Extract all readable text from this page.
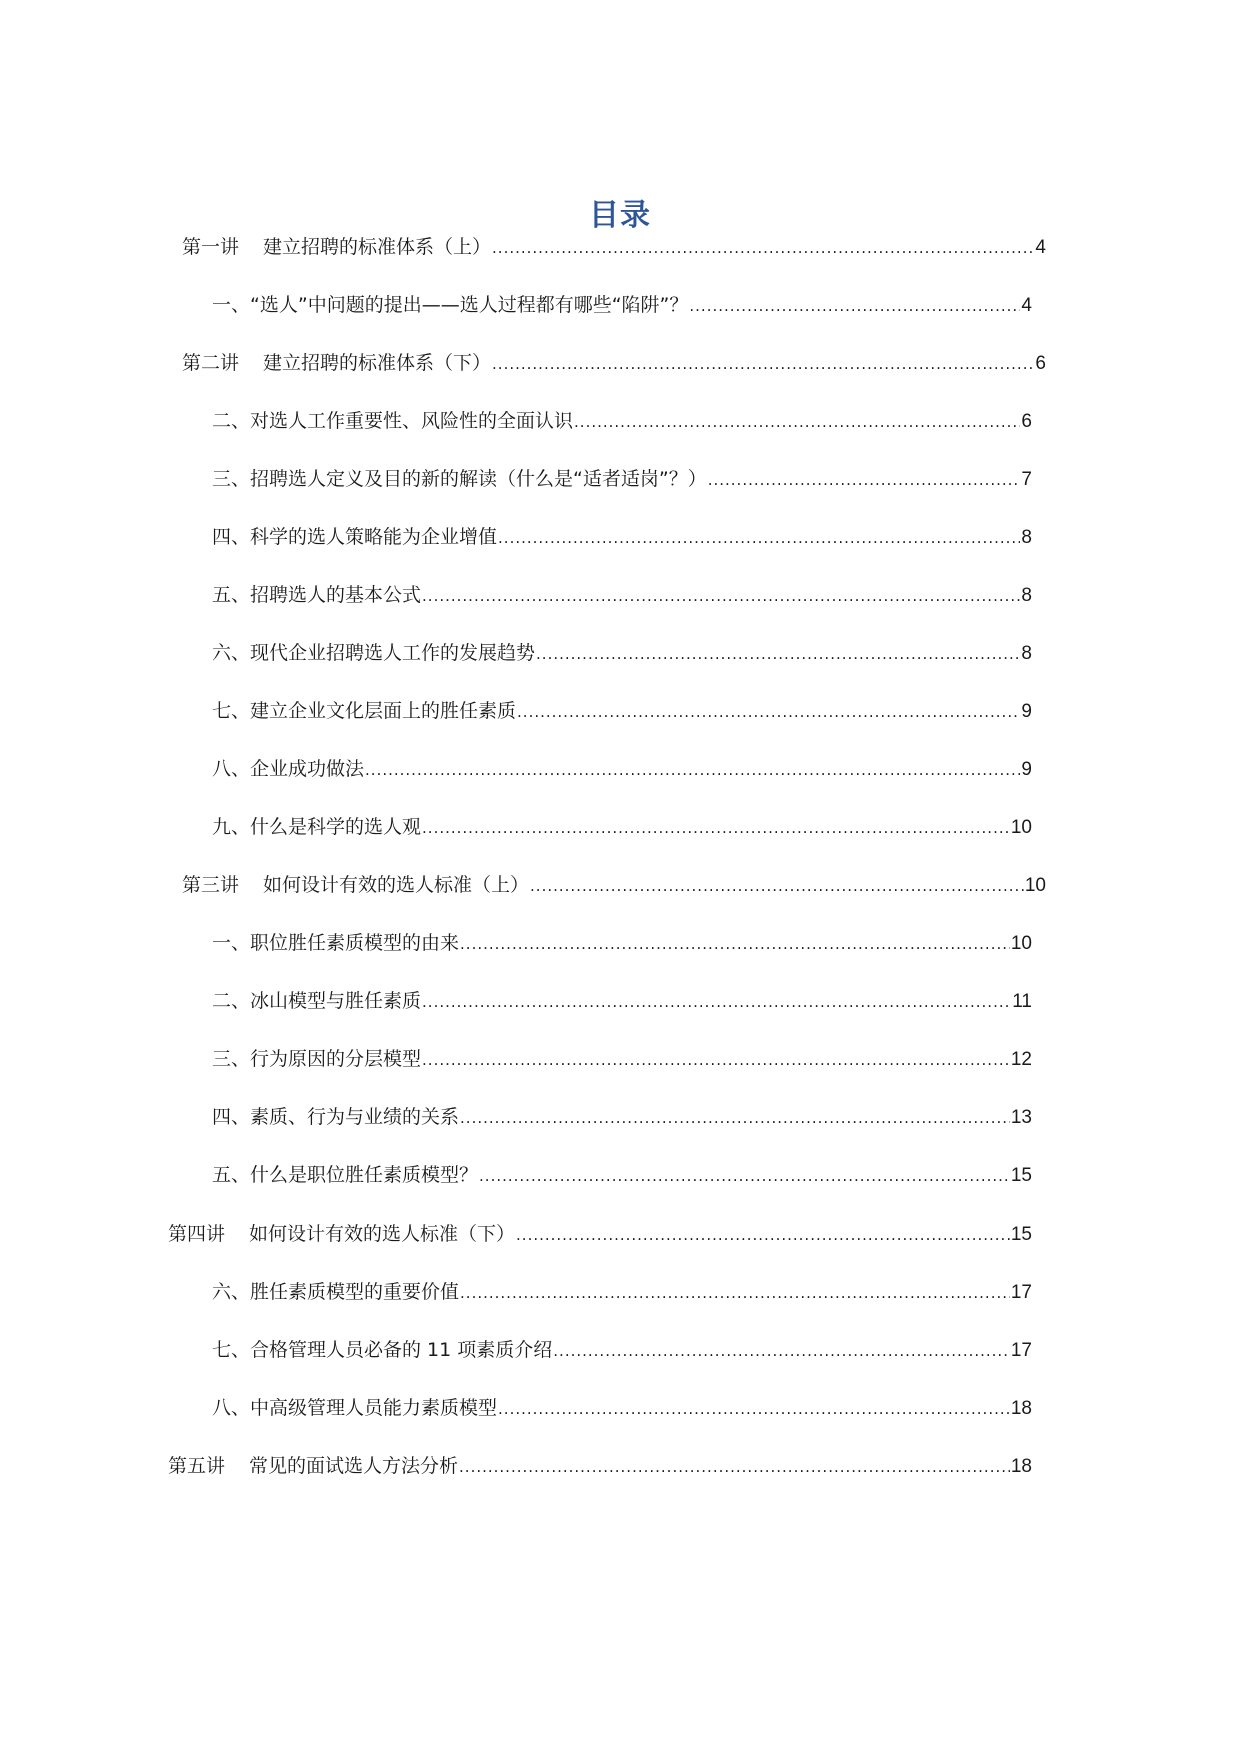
目录
第一讲 建立招聘的标准体系（上） .....	4
一、 “选人”中问题的提出——选人过程都有哪些“陷阱”？ .....	4
第二讲 建立招聘的标准体系（下） .....	6
二、 对选人工作重要性、风险性的全面认识 .....	6
三、 招聘选人定义及目的新的解读（什么是“适者适岗”？） .....	7
四、 科学的选人策略能为企业增值 .....	8
五、 招聘选人的基本公式 .....	8
六、 现代企业招聘选人工作的发展趋势 .....	8
七、 建立企业文化层面上的胜任素质 .....	9
八、 企业成功做法 .....	9
九、 什么是科学的选人观 .....	10
第三讲 如何设计有效的选人标准（上） .....	10
一、 职位胜任素质模型的由来 .....	10
二、 冰山模型与胜任素质 .....	11
三、 行为原因的分层模型 .....	12
四、 素质、行为与业绩的关系 .....	13
五、 什么是职位胜任素质模型？ .....	15
第四讲 如何设计有效的选人标准（下） .....	15
六、 胜任素质模型的重要价值 .....	17
七、 合格管理人员必备的 11 项素质介绍 .....	17
八、 中高级管理人员能力素质模型 .....	18
第五讲 常见的面试选人方法分析 .....	18
